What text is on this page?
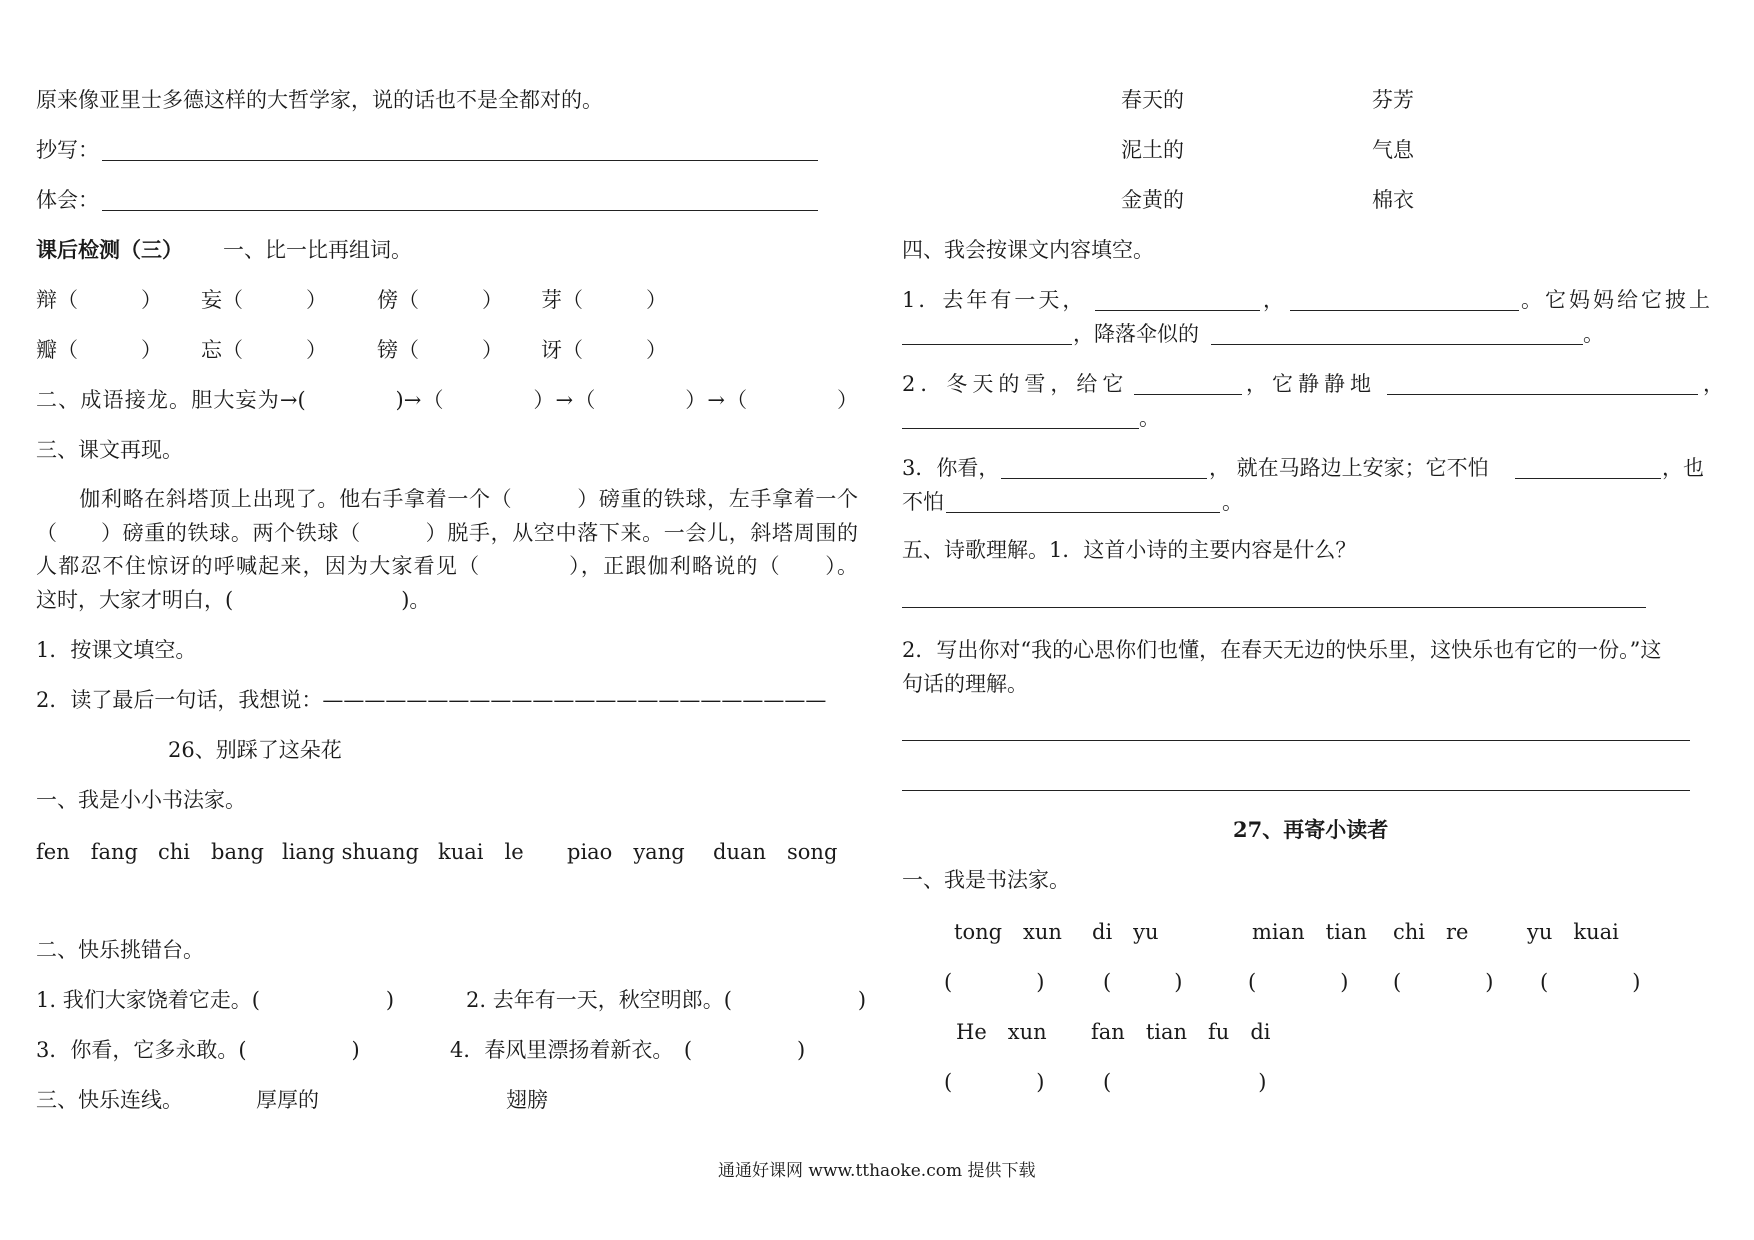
原来像亚里士多德这样的大哲学家，说的话也不是全都对的。
抄写：
体会：
课后检测（三） 一、比一比再组词。
辩（　　　） 妄（　　　） 傍（　　　） 芽（　　　）
瓣（　　　） 忘（　　　） 镑（　　　） 讶（　　　）
二、成语接龙。胆大妄为→(　　　　)→（　　　　）→（　　　　）→（　　　　）
三、课文再现。
　　伽利略在斜塔顶上出现了。他右手拿着一个（　　　）磅重的铁球，左手拿着一个
（　　）磅重的铁球。两个铁球（　　　）脱手，从空中落下来。一会儿，斜塔周围的
人都忍不住惊讶的呼喊起来，因为大家看见（　　　　），正跟伽利略说的（　　）。
这时，大家才明白，(　　　　　　　　)。
1．按课文填空。
2．读了最后一句话，我想说：————————————————————————
26、别踩了这朵花
一、我是小小书法家。
fen　fang chi　bang liang shuang kuai　le piao　yang duan　song
二、快乐挑错台。
1. 我们大家饶着它走。(　　　　　　)	2. 去年有一天，秋空明郎。(　　　　　　)
3．你看，它多永敢。(　　　　　)	4．春风里漂扬着新衣。　(　　　　　)
三、快乐连线。	厚厚的	翅膀
春天的	芬芳
泥土的	气息
金黄的	棉衣
四、我会按课文内容填空。
1．去年有一天，	，	。它妈妈给它披上
，降落伞似的	。
2．冬天的雪，给它	，它静静地	，
。
3．你看，	， 就在马路边上安家；它不怕	，也
不怕	。
五、诗歌理解。1．这首小诗的主要内容是什么？
2．写出你对“我的心思你们也懂，在春天无边的快乐里，这快乐也有它的一份。”这
句话的理解。
27、再寄小读者
一、我是书法家。
tong　xun di　yu	mian　tian chi　re	yu　kuai
(　　　　)	(　　　)	(　　　　) (　　　　) (　　　　)
He　xun fan　tian　fu　di
(　　　　)	(　　　　　　　)
通通好课网 www.tthaoke.com 提供下载
